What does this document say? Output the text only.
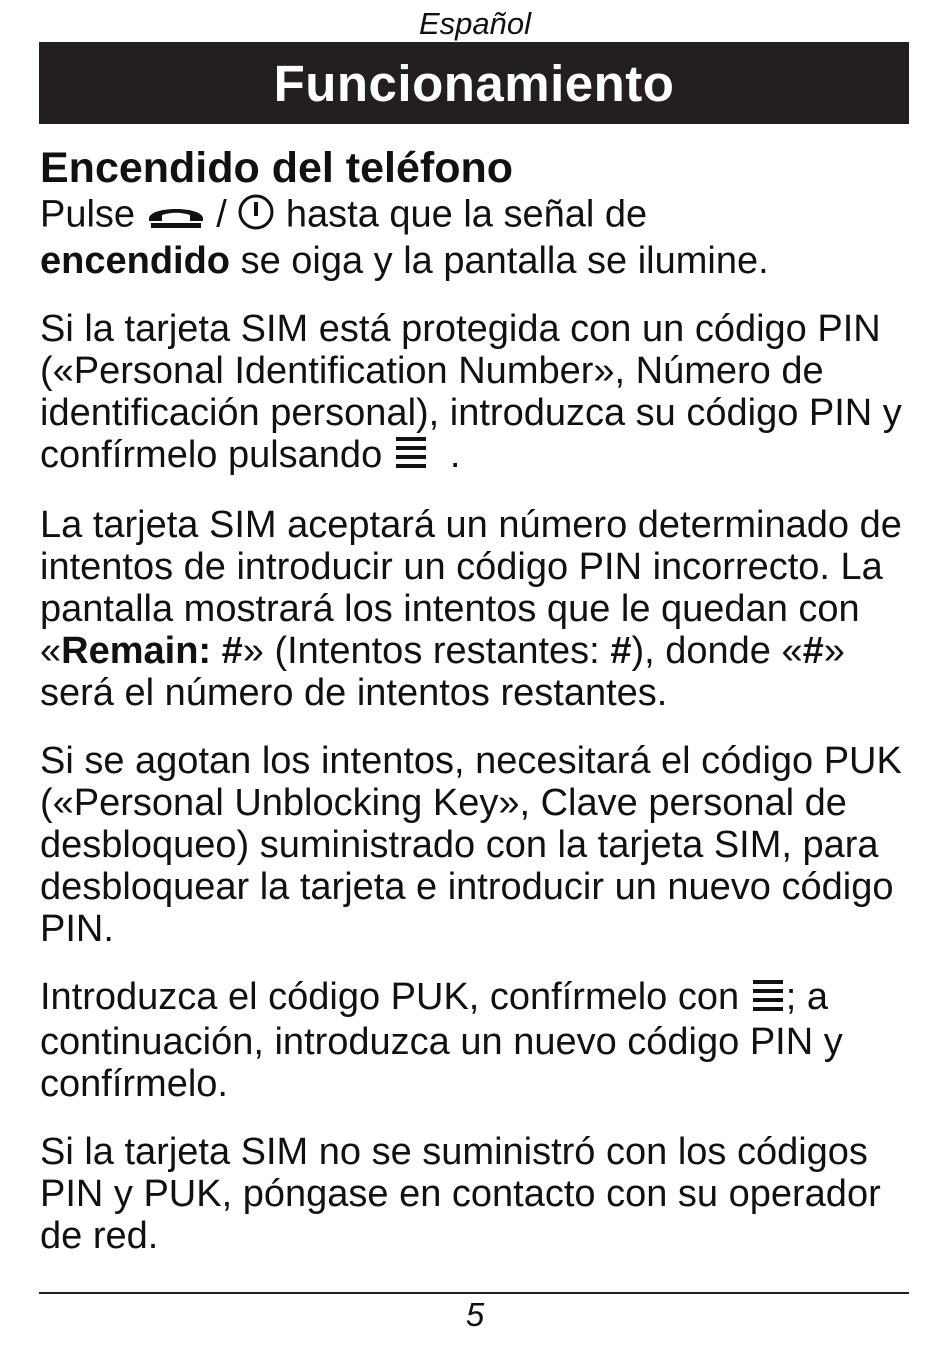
Español
Funcionamiento
Encendido del teléfono

Pulse / hasta que la señal de
encendido se oiga y la pantalla se ilumine.

Si la tarjeta SIM está protegida con un código PIN («Personal Identification Number», Número de identificación personal), introduzca su código PIN y confírmelo pulsando .

La tarjeta SIM aceptará un número determinado de intentos de introducir un código PIN incorrecto. La pantalla mostrará los intentos que le quedan con «Remain: #» (Intentos restantes: #), donde «#» será el número de intentos restantes.

Si se agotan los intentos, necesitará el código PUK («Personal Unblocking Key», Clave personal de desbloqueo) suministrado con la tarjeta SIM, para desbloquear la tarjeta e introducir un nuevo código PIN.

Introduzca el código PUK, confírmelo con ; a continuación, introduzca un nuevo código PIN y confírmelo.

Si la tarjeta SIM no se suministró con los códigos PIN y PUK, póngase en contacto con su operador de red.

5
